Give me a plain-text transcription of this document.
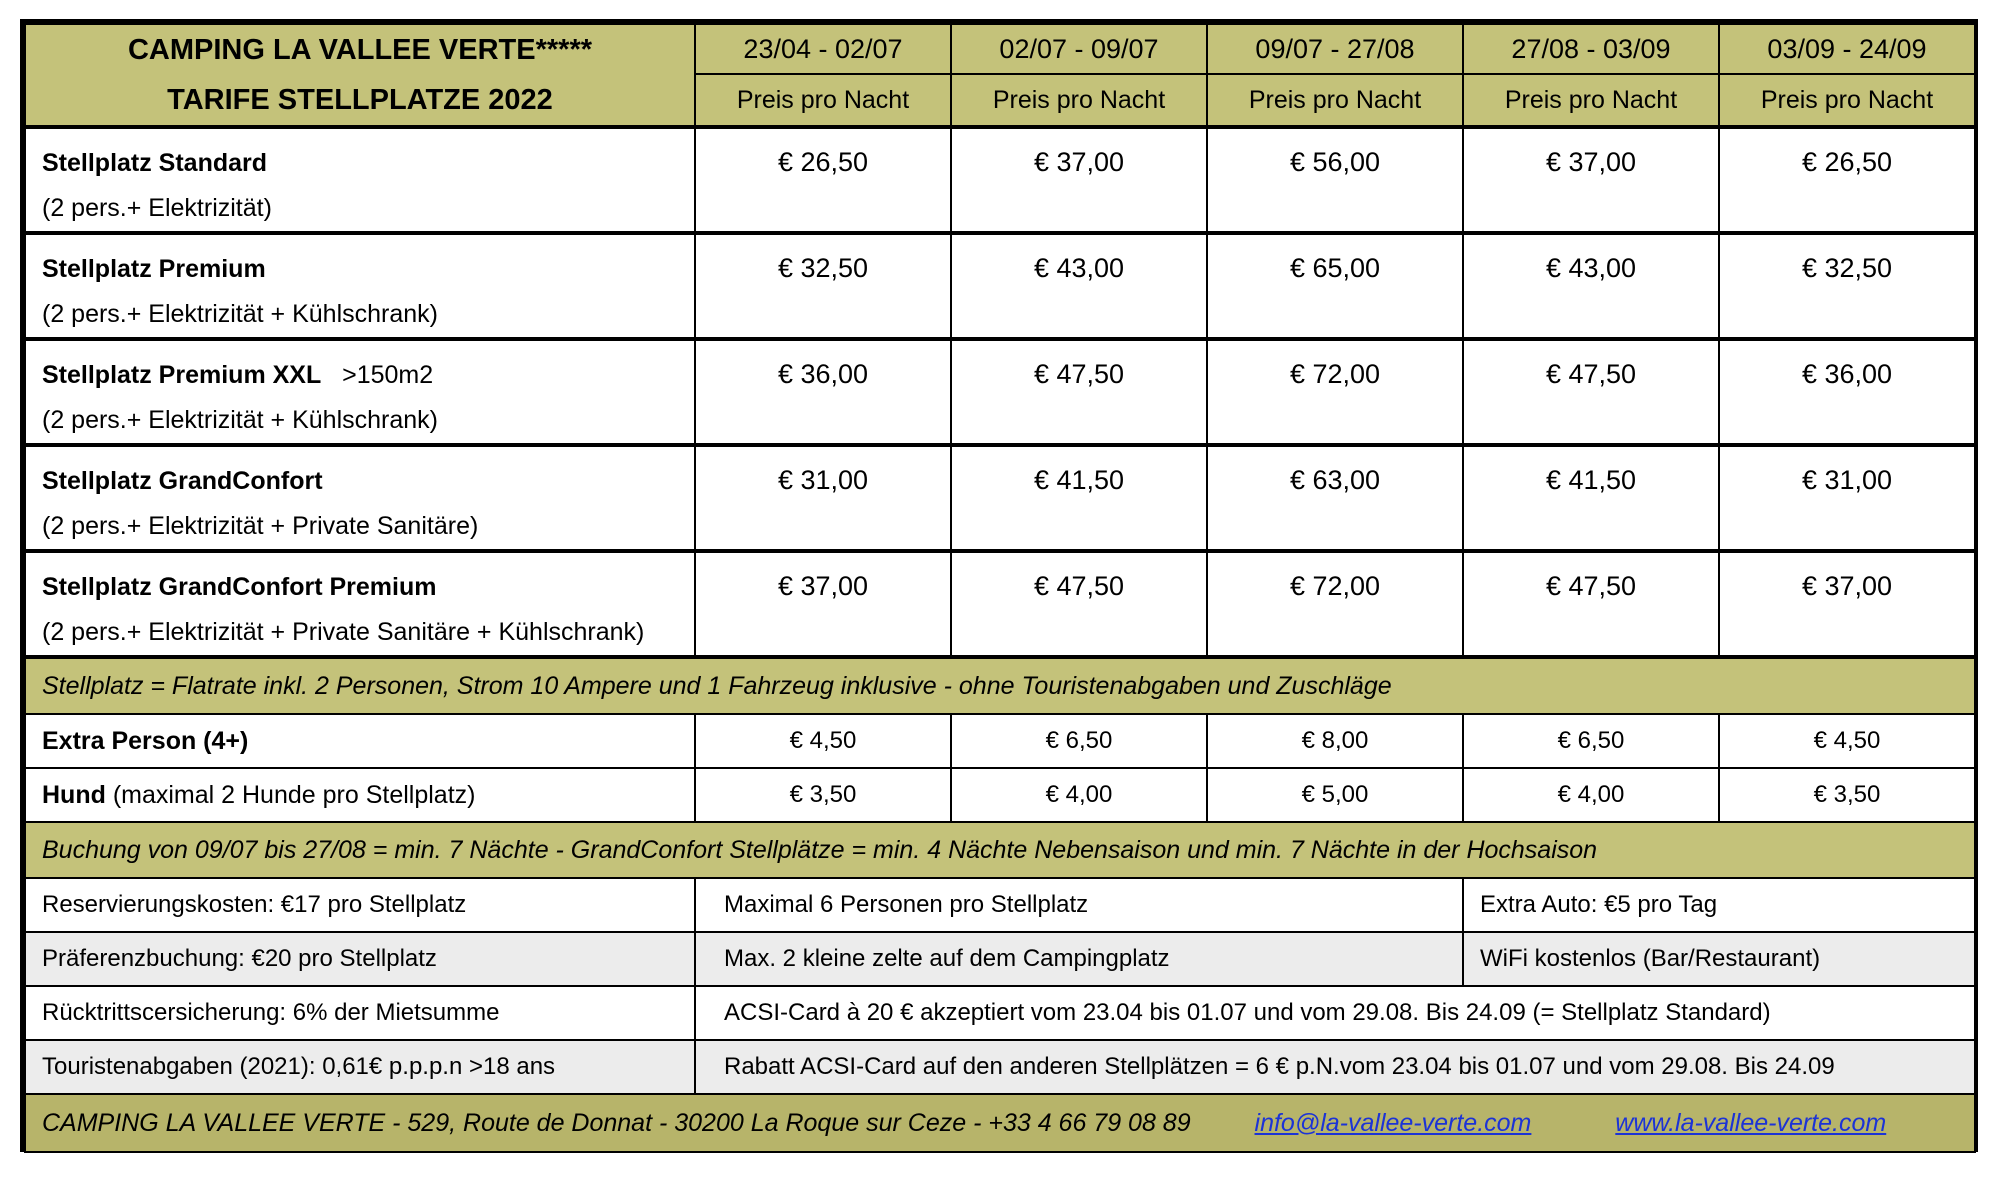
CAMPING LA VALLEE VERTE*****
TARIFE STELLPLATZE 2022	23/04 - 02/07	02/07 - 09/07	09/07 - 27/08	27/08 - 03/09	03/09 - 24/09
	Preis pro Nacht	Preis pro Nacht	Preis pro Nacht	Preis pro Nacht	Preis pro Nacht

Stellplatz Standard
(2 pers.+ Elektrizität)	€ 26,50	€ 37,00	€ 56,00	€ 37,00	€ 26,50

Stellplatz Premium
(2 pers.+ Elektrizität + Kühlschrank)	€ 32,50	€ 43,00	€ 65,00	€ 43,00	€ 32,50

Stellplatz Premium XXL >150m2
(2 pers.+ Elektrizität + Kühlschrank)	€ 36,00	€ 47,50	€ 72,00	€ 47,50	€ 36,00

Stellplatz GrandConfort
(2 pers.+ Elektrizität + Private Sanitäre)	€ 31,00	€ 41,50	€ 63,00	€ 41,50	€ 31,00

Stellplatz GrandConfort Premium
(2 pers.+ Elektrizität + Private Sanitäre + Kühlschrank)	€ 37,00	€ 47,50	€ 72,00	€ 47,50	€ 37,00
Stellplatz = Flatrate inkl. 2 Personen, Strom 10 Ampere und 1 Fahrzeug inklusive - ohne Touristenabgaben und Zuschläge					
Extra Person (4+)	€ 4,50	€ 6,50	€ 8,00	€ 6,50	€ 4,50
Hund (maximal 2 Hunde pro Stellplatz)	€ 3,50	€ 4,00	€ 5,00	€ 4,00	€ 3,50
Buchung von 09/07 bis 27/08 = min. 7 Nächte - GrandConfort Stellplätze = min. 4 Nächte Nebensaison und min. 7 Nächte in der Hochsaison					
Reservierungskosten: €17 pro Stellplatz	Maximal 6 Personen pro Stellplatz			Extra Auto: €5 pro Tag	
Präferenzbuchung: €20 pro Stellplatz	Max. 2 kleine zelte auf dem Campingplatz			WiFi kostenlos (Bar/Restaurant)	
Rücktrittscersicherung: 6% der Mietsumme	ACSI-Card à 20 € akzeptiert vom 23.04 bis 01.07 und vom 29.08. Bis 24.09 (= Stellplatz Standard)				
Touristenabgaben (2021): 0,61€ p.p.p.n >18 ans	Rabatt ACSI-Card auf den anderen Stellplätzen = 6 € p.N.vom 23.04 bis 01.07 und vom 29.08. Bis 24.09				
CAMPING LA VALLEE VERTE - 529, Route de Donnat - 30200 La Roque sur Ceze - +33 4 66 79 08 89 info@la-vallee-verte.com www.la-vallee-verte.com					
